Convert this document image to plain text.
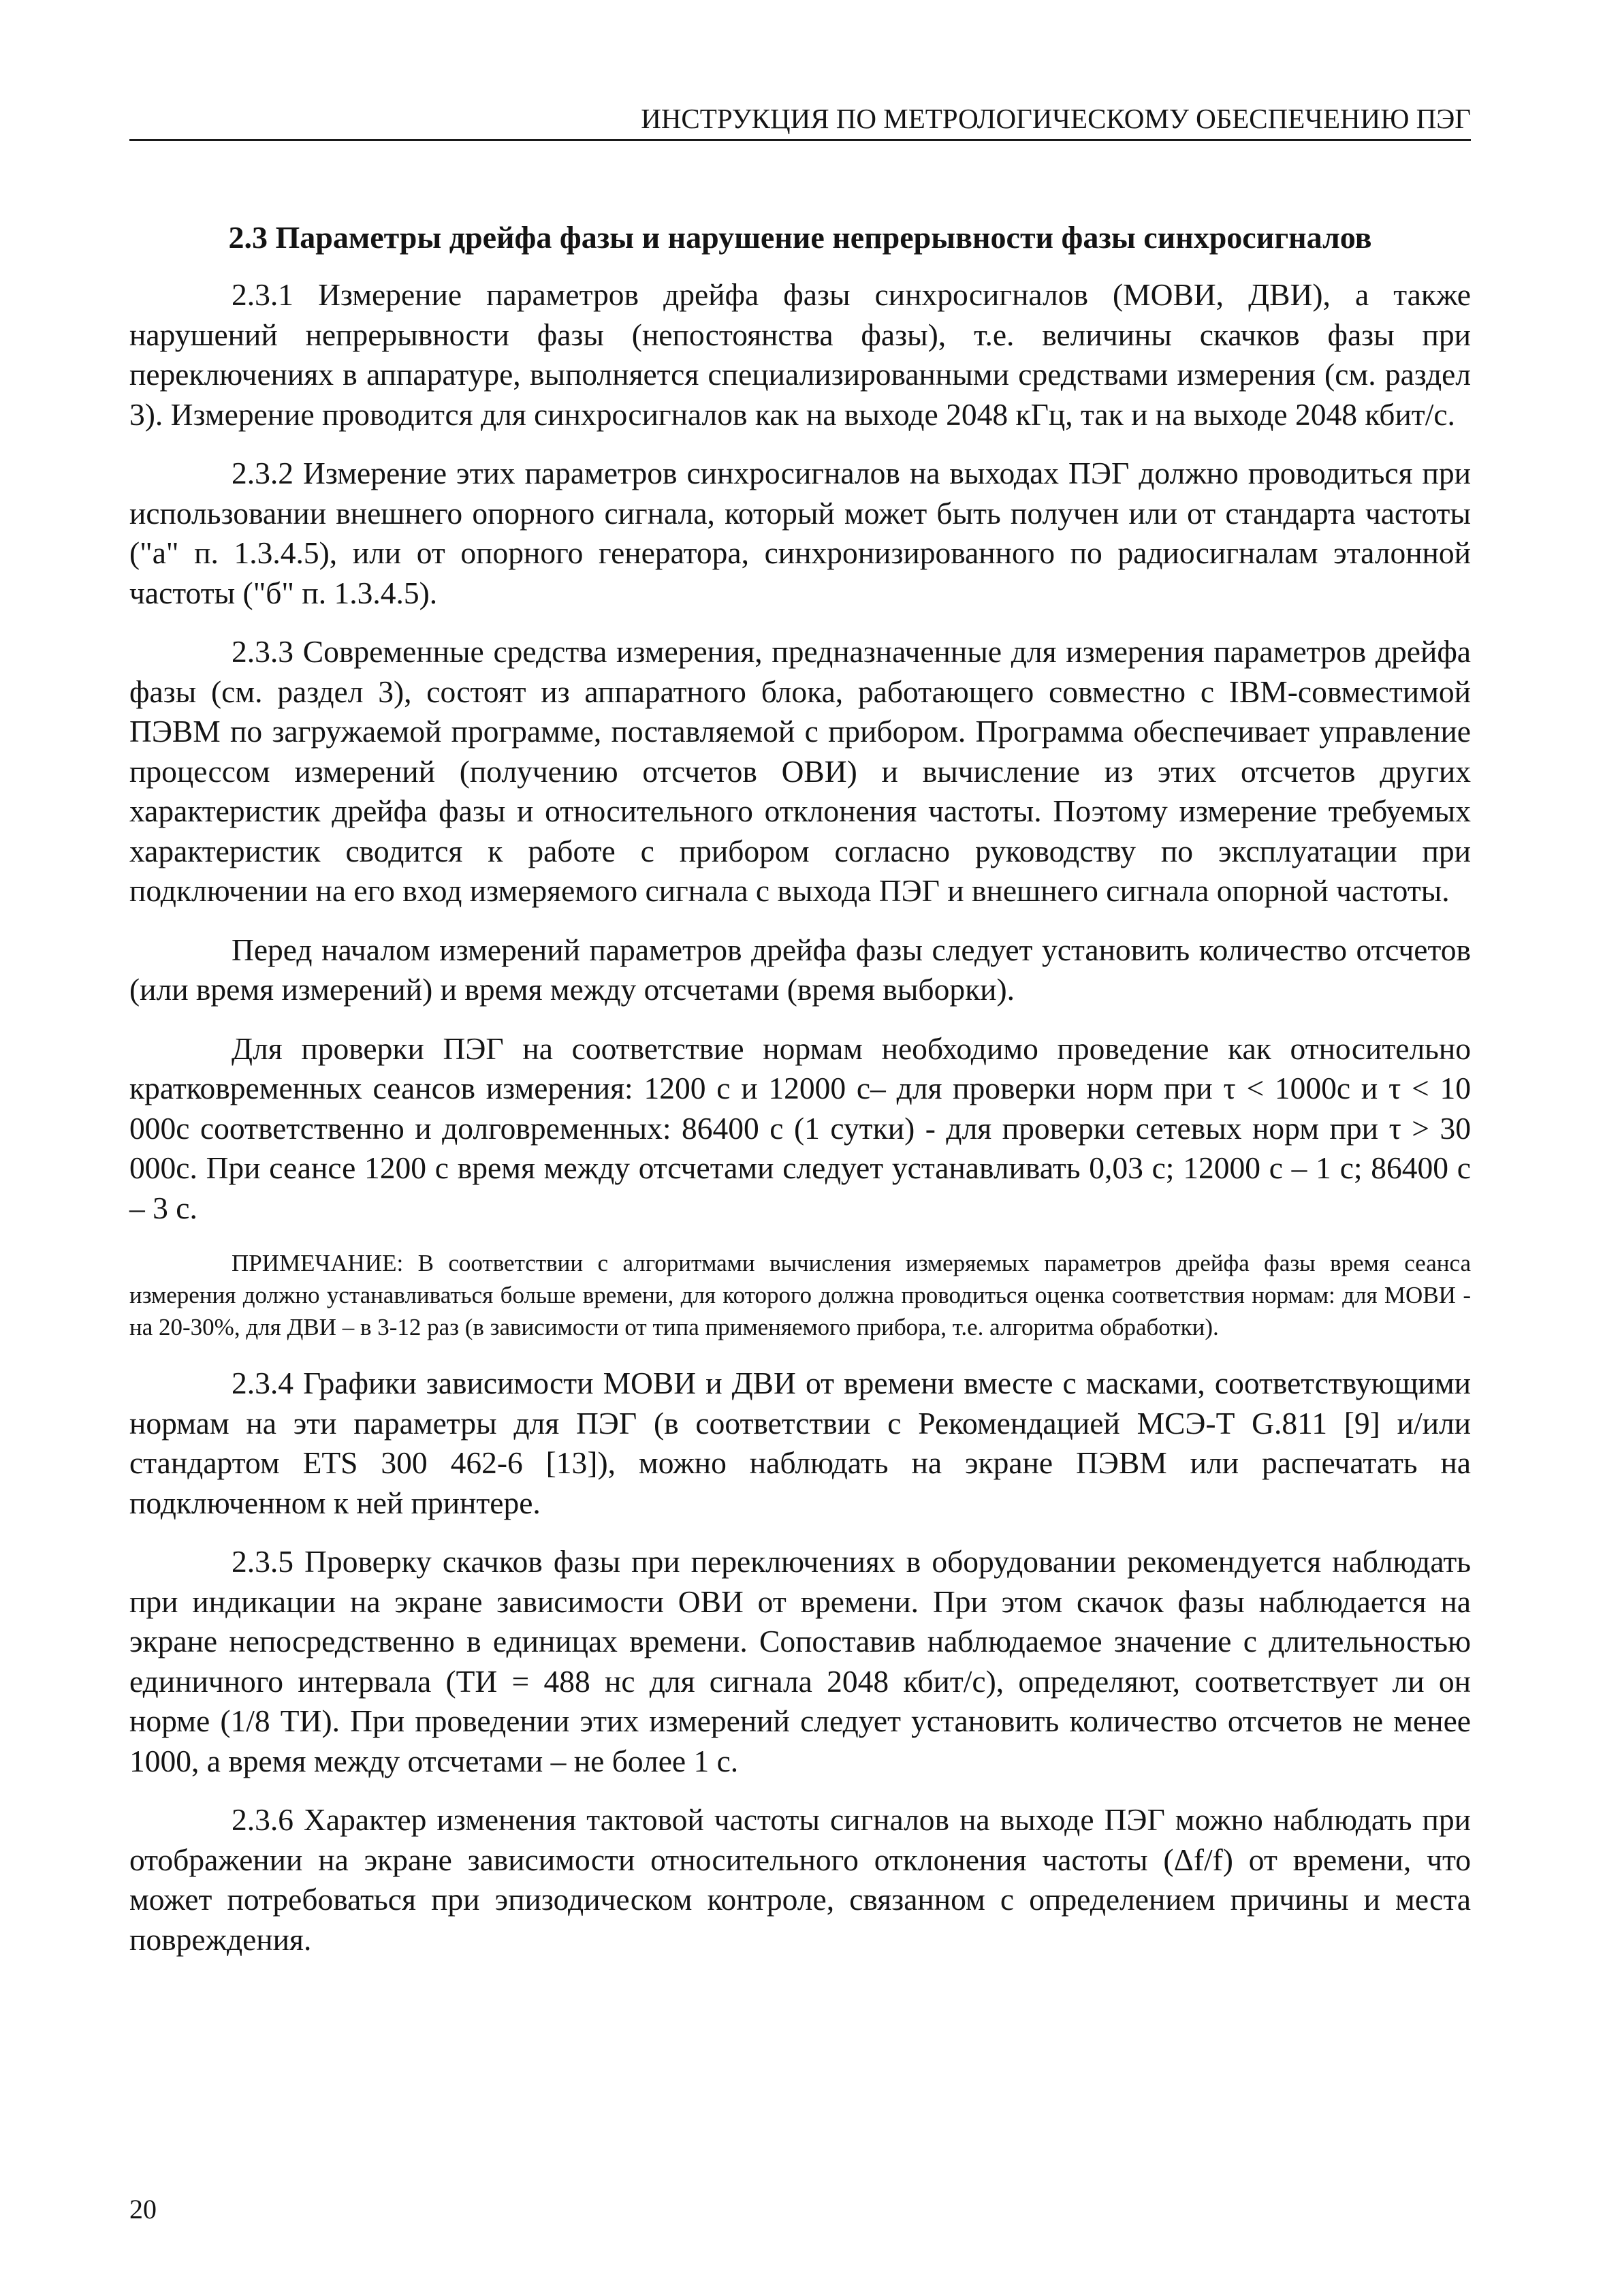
ИНСТРУКЦИЯ ПО МЕТРОЛОГИЧЕСКОМУ ОБЕСПЕЧЕНИЮ ПЭГ
2.3 Параметры дрейфа фазы и нарушение непрерывности фазы синхросигналов

2.3.1 Измерение параметров дрейфа фазы синхросигналов (МОВИ, ДВИ), а также нарушений непрерывности фазы (непостоянства фазы), т.е. величины скачков фазы при переключениях в аппаратуре, выполняется специализированными средствами измерения (см. раздел 3). Измерение проводится для синхросигналов как на выходе 2048 кГц, так и на выходе 2048 кбит/с.

2.3.2 Измерение этих параметров синхросигналов на выходах ПЭГ должно проводиться при использовании внешнего опорного сигнала, который может быть получен или от стандарта частоты ("а" п. 1.3.4.5), или от опорного генератора, синхронизированного по радиосигналам эталонной частоты ("б" п. 1.3.4.5).

2.3.3 Современные средства измерения, предназначенные для измерения параметров дрейфа фазы (см. раздел 3), состоят из аппаратного блока, работающего совместно с IBM-совместимой ПЭВМ по загружаемой программе, поставляемой с прибором. Программа обеспечивает управление процессом измерений (получению отсчетов ОВИ) и вычисление из этих отсчетов других характеристик дрейфа фазы и относительного отклонения частоты. Поэтому измерение требуемых характеристик сводится к работе с прибором согласно руководству по эксплуатации при подключении на его вход измеряемого сигнала с выхода ПЭГ и внешнего сигнала опорной частоты.

Перед началом измерений параметров дрейфа фазы следует установить количество отсчетов (или время измерений) и время между отсчетами (время выборки).

Для проверки ПЭГ на соответствие нормам необходимо проведение как относительно кратковременных сеансов измерения: 1200 с и 12000 с– для проверки норм при τ < 1000с и τ < 10 000с соответственно и долговременных: 86400 с (1 сутки) - для проверки сетевых норм при τ > 30 000с. При сеансе 1200 с время между отсчетами следует устанавливать 0,03 с; 12000 с – 1 с; 86400 с – 3 с.

ПРИМЕЧАНИЕ: В соответствии с алгоритмами вычисления измеряемых параметров дрейфа фазы время сеанса измерения должно устанавливаться больше времени, для которого должна проводиться оценка соответствия нормам: для МОВИ - на 20-30%, для ДВИ – в 3-12 раз (в зависимости от типа применяемого прибора, т.е. алгоритма обработки).

2.3.4 Графики зависимости МОВИ и ДВИ от времени вместе с масками, соответствующими нормам на эти параметры для ПЭГ (в соответствии с Рекомендацией МСЭ-Т G.811 [9] и/или стандартом ETS 300 462-6 [13]), можно наблюдать на экране ПЭВМ или распечатать на подключенном к ней принтере.

2.3.5 Проверку скачков фазы при переключениях в оборудовании рекомендуется наблюдать при индикации на экране зависимости ОВИ от времени. При этом скачок фазы наблюдается на экране непосредственно в единицах времени. Сопоставив наблюдаемое значение с длительностью единичного интервала (ТИ = 488 нс для сигнала 2048 кбит/с), определяют, соответствует ли он норме (1/8 ТИ). При проведении этих измерений следует установить количество отсчетов не менее 1000, а время между отсчетами – не более 1 с.

2.3.6 Характер изменения тактовой частоты сигналов на выходе ПЭГ можно наблюдать при отображении на экране зависимости относительного отклонения частоты (Δf/f) от времени, что может потребоваться при эпизодическом контроле, связанном с определением причины и места повреждения.

20
